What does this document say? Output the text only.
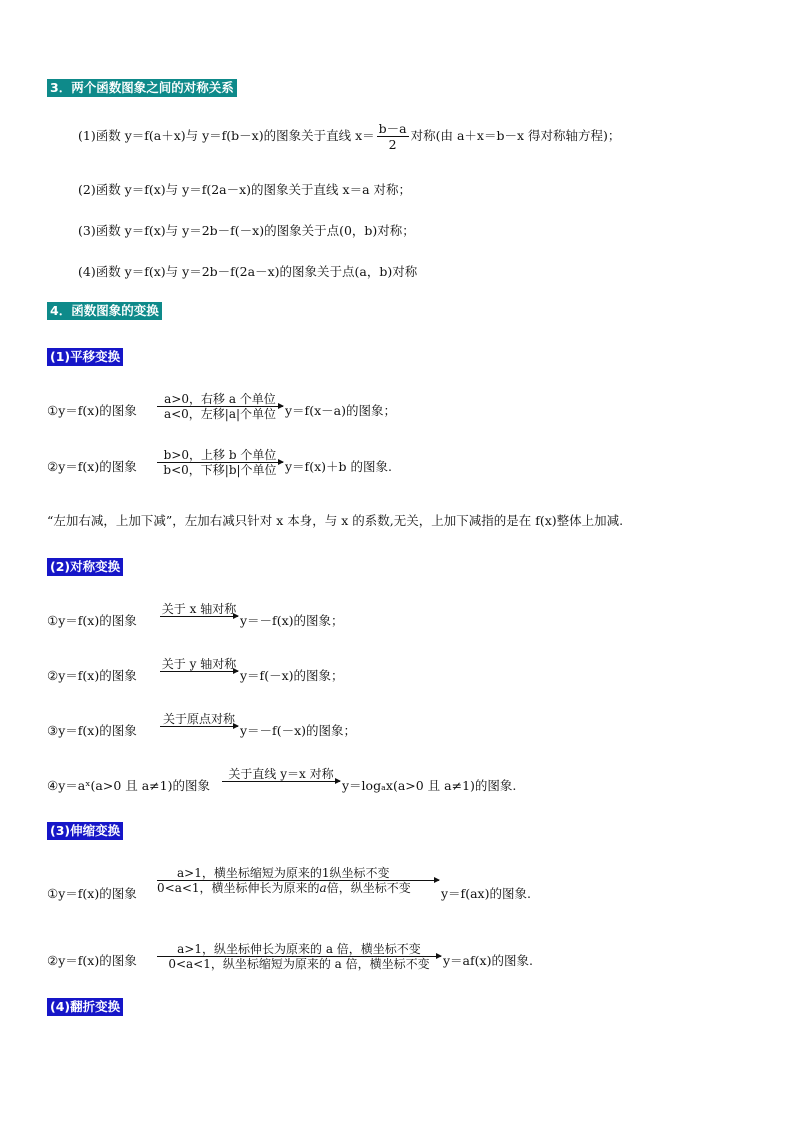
3．两个函数图象之间的对称关系
(1)函数 y＝f(a＋x)与 y＝f(b－x)的图象关于直线 $x= \frac{b-a}{2}$ 对称(由 a＋x＝b－x 得对称轴方程)；
(2)函数 y＝f(x)与 y＝f(2a－x)的图象关于直线 x＝a 对称；
(3)函数 y＝f(x)与 y＝2b－f(－x)的图象关于点(0，b)对称；
(4)函数 y＝f(x)与 y＝2b－f(2a－x)的图象关于点(a，b)对称
4．函数图象的变换
(1)平移变换
①y＝f(x)的图象
a>0，右移 a 个单位
a<0，左移|a|个单位 y＝f(x－a)的图象；
②y＝f(x)的图象
b>0，上移 b 个单位
b<0，下移|b|个单位 y＝f(x)＋b 的图象.
“左加右减，上加下减”，左加右减只针对 x 本身，与 x 的系数,无关，上加下减指的是在 f(x)整体上加减.
(2)对称变换
①y＝f(x)的图象
关于 x 轴对称
y＝－f(x)的图象；
②y＝f(x)的图象
关于 y 轴对称
y＝f(－x)的图象；
③y＝f(x)的图象
关于原点对称
y＝－f(－x)的图象；
④y＝aˣ(a>0 且 a≠1)的图象
关于直线 y＝x 对称
y＝logₐx(a>0 且 a≠1)的图象.
(3)伸缩变换
①y＝f(x)的图象
a>1，横坐标缩短为原来的1纵坐标不变
0<a<1，横坐标伸长为原来的a倍，纵坐标不变	y＝f(ax)的图象.
②y＝f(x)的图象
a>1，纵坐标伸长为原来的 a 倍，横坐标不变
0<a<1，纵坐标缩短为原来的 a 倍，横坐标不变	y＝af(x)的图象.
(4)翻折变换
